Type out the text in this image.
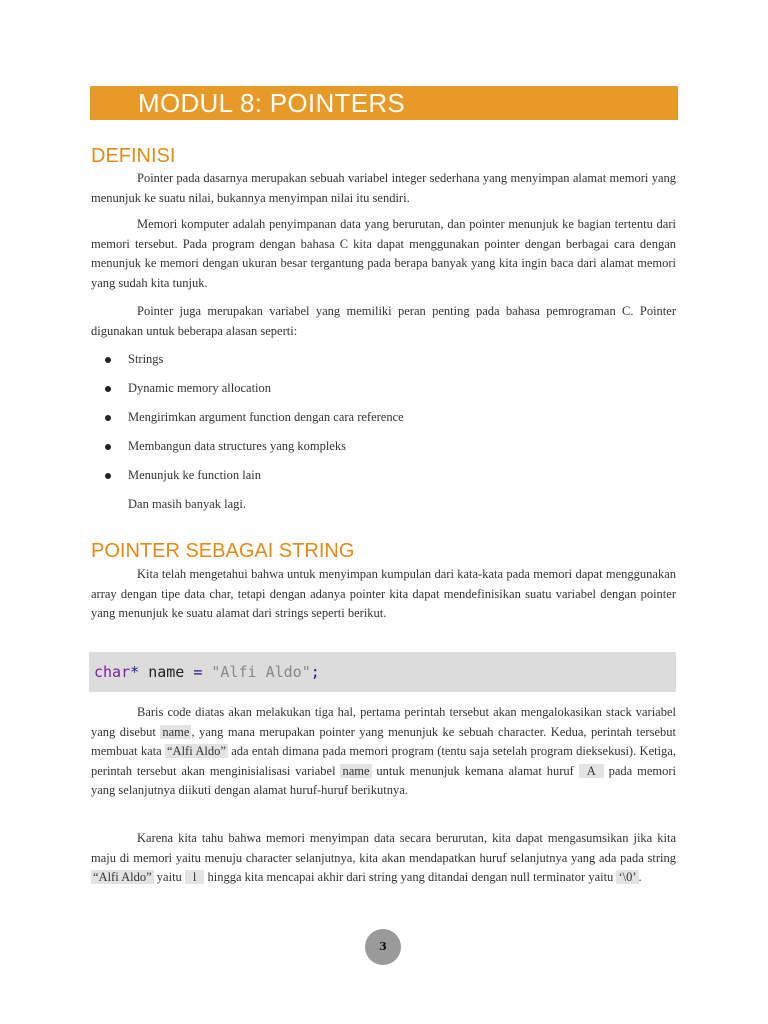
MODUL 8: POINTERS
DEFINISI

Pointer pada dasarnya merupakan sebuah variabel integer sederhana yang menyimpan alamat memori yang menunjuk ke suatu nilai, bukannya menyimpan nilai itu sendiri.

Memori komputer adalah penyimpanan data yang berurutan, dan pointer menunjuk ke bagian tertentu dari memori tersebut. Pada program dengan bahasa C kita dapat menggunakan pointer dengan berbagai cara dengan menunjuk ke memori dengan ukuran besar tergantung pada berapa banyak yang kita ingin baca dari alamat memori yang sudah kita tunjuk.

Pointer juga merupakan variabel yang memiliki peran penting pada bahasa pemrograman C. Pointer digunakan untuk beberapa alasan seperti:

Strings
Dynamic memory allocation
Mengirimkan argument function dengan cara reference
Membangun data structures yang kompleks
Menunjuk ke function lain

Dan masih banyak lagi.

POINTER SEBAGAI STRING

Kita telah mengetahui bahwa untuk menyimpan kumpulan dari kata-kata pada memori dapat menggunakan array dengan tipe data char, tetapi dengan adanya pointer kita dapat mendefinisikan suatu variabel dengan pointer yang menunjuk ke suatu alamat dari strings seperti berikut.

char* name = "Alfi Aldo";

Baris code diatas akan melakukan tiga hal, pertama perintah tersebut akan mengalokasikan stack variabel yang disebut name , yang mana merupakan pointer yang menunjuk ke sebuah character. Kedua, perintah tersebut membuat kata “Alfi Aldo” ada entah dimana pada memori program (tentu saja setelah program dieksekusi). Ketiga, perintah tersebut akan menginisialisasi variabel name untuk menunjuk kemana alamat huruf A pada memori yang selanjutnya diikuti dengan alamat huruf-huruf berikutnya.

Karena kita tahu bahwa memori menyimpan data secara berurutan, kita dapat mengasumsikan jika kita maju di memori yaitu menuju character selanjutnya, kita akan mendapatkan huruf selanjutnya yang ada pada string “Alfi Aldo” yaitu l hingga kita mencapai akhir dari string yang ditandai dengan null terminator yaitu ‘\0’ .

3
